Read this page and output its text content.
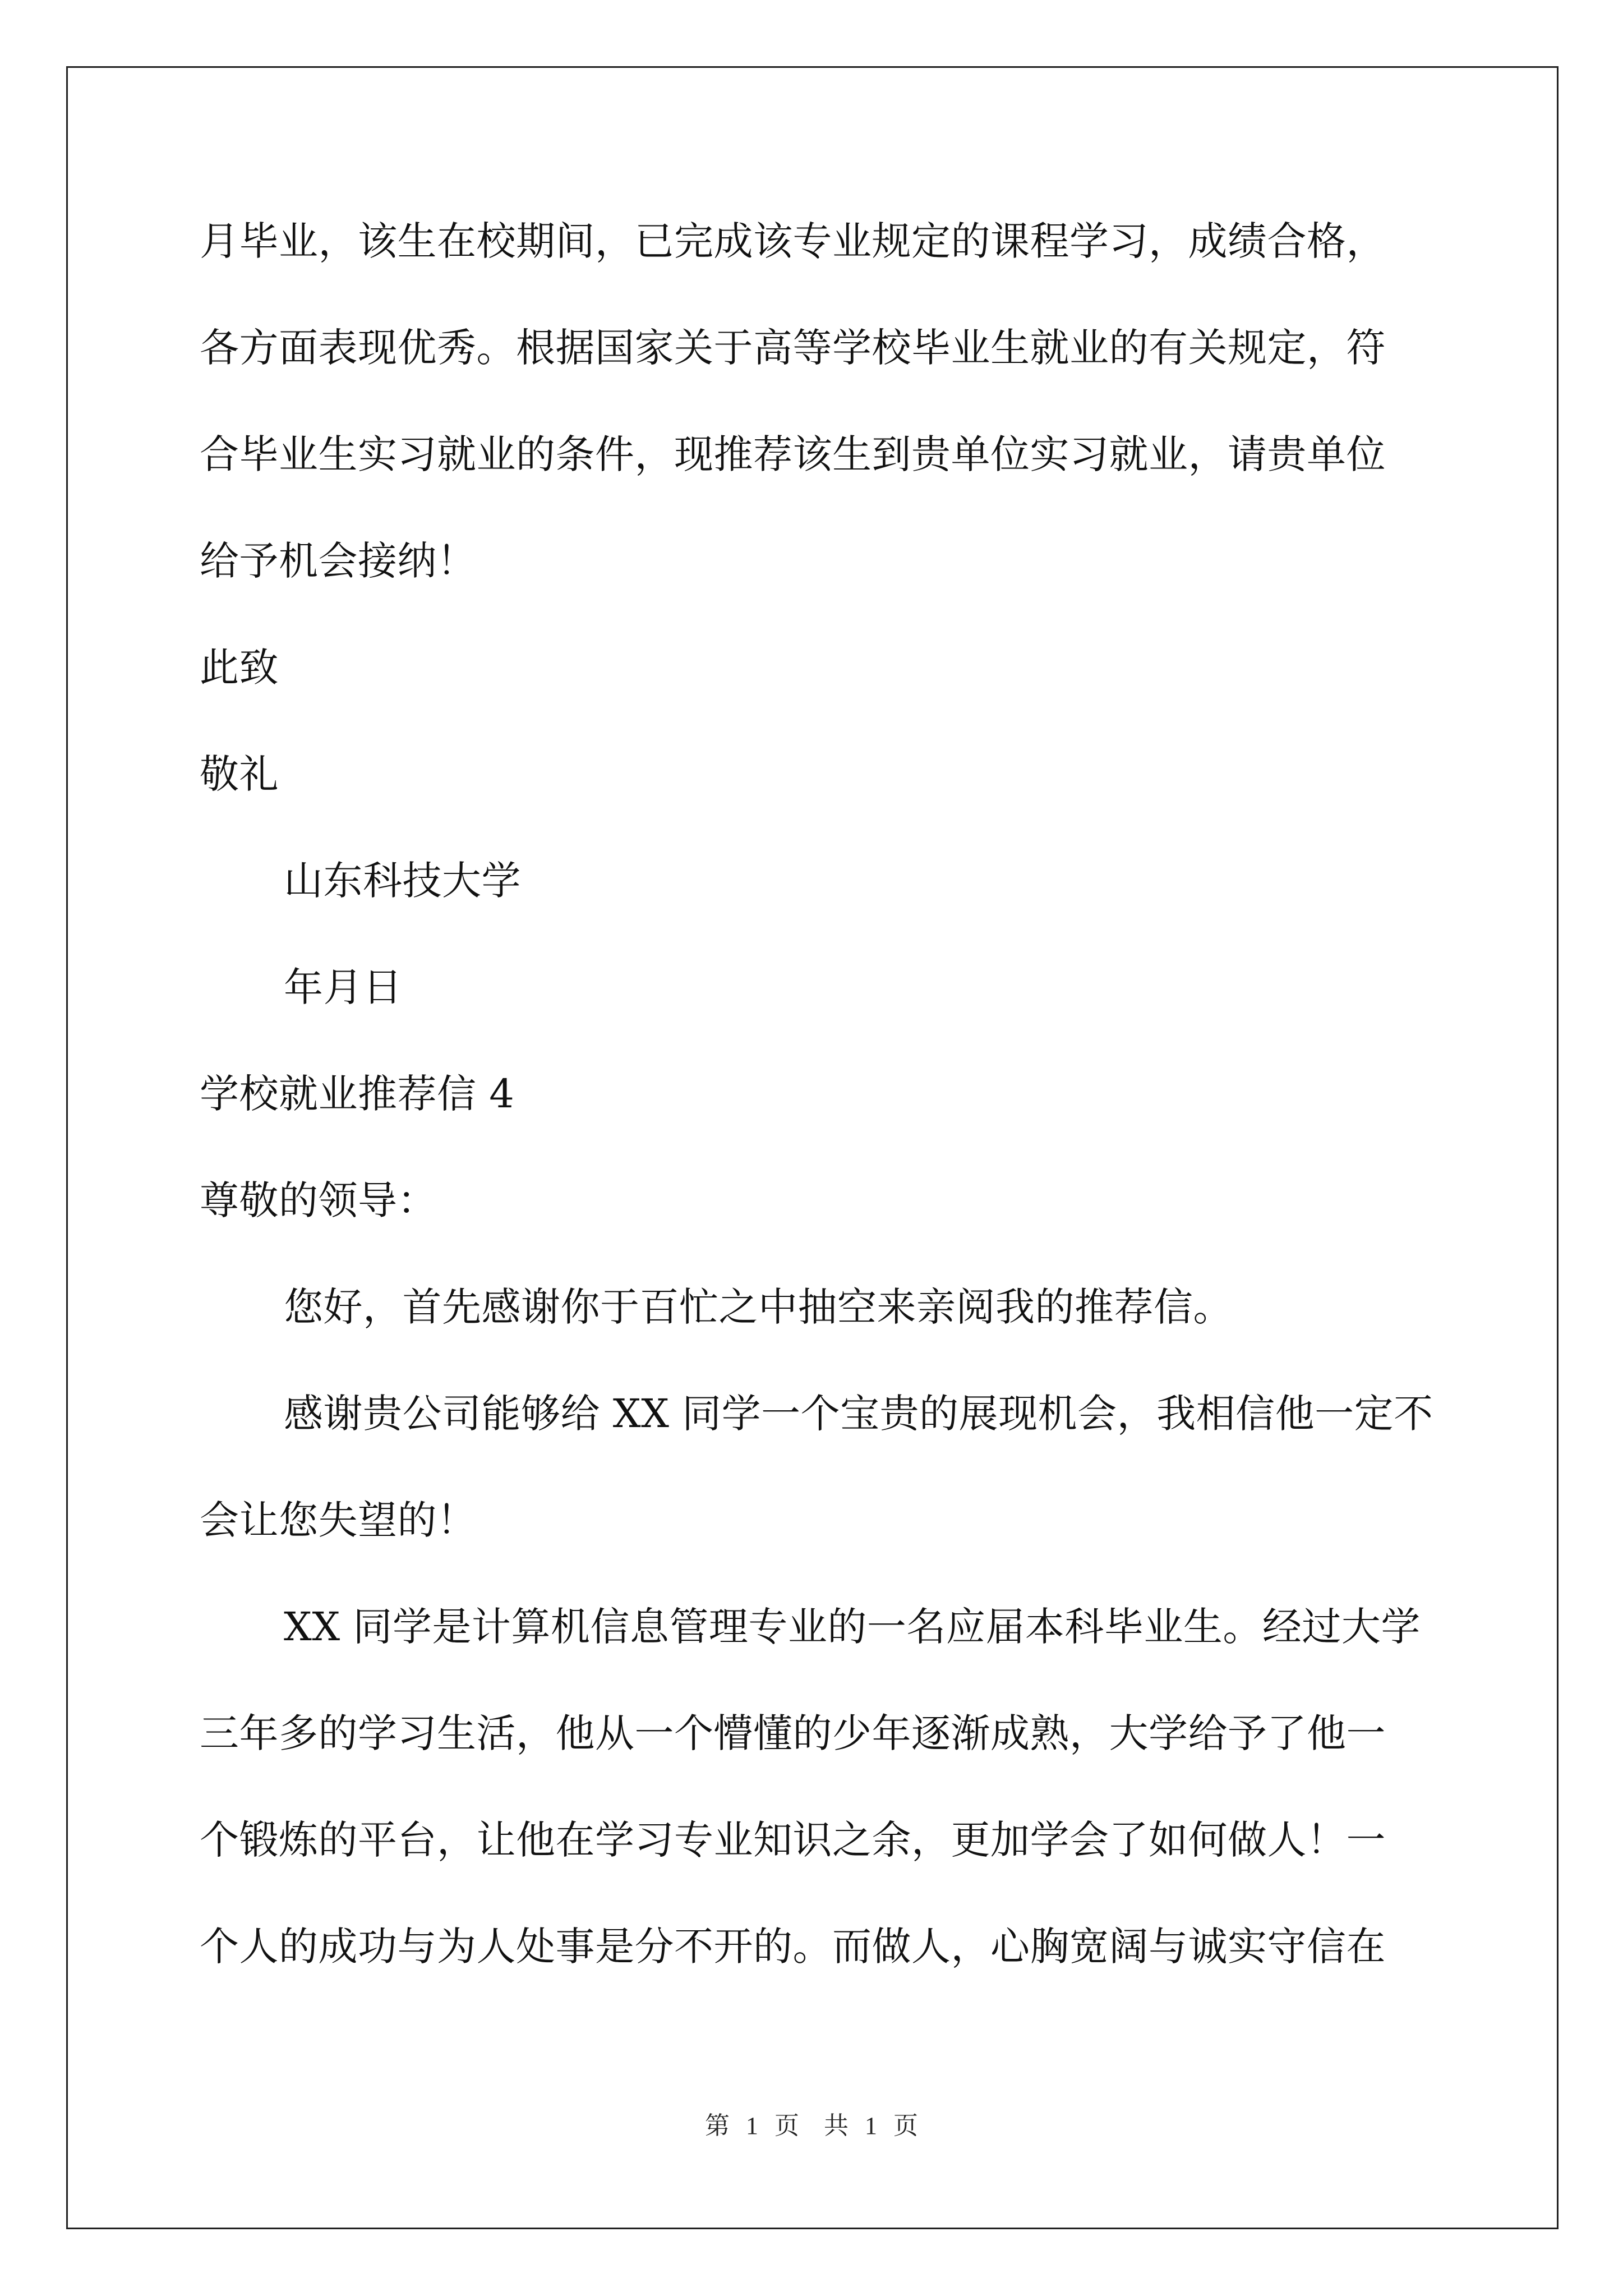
月毕业，该生在校期间，已完成该专业规定的课程学习，成绩合格，
各方面表现优秀。根据国家关于高等学校毕业生就业的有关规定，符
合毕业生实习就业的条件，现推荐该生到贵单位实习就业，请贵单位
给予机会接纳！
此致
敬礼
山东科技大学
年月日
学校就业推荐信 4
尊敬的领导：
您好，首先感谢你于百忙之中抽空来亲阅我的推荐信。
感谢贵公司能够给 XX 同学一个宝贵的展现机会，我相信他一定不
会让您失望的！
XX 同学是计算机信息管理专业的一名应届本科毕业生。经过大学
三年多的学习生活，他从一个懵懂的少年逐渐成熟，大学给予了他一
个锻炼的平台，让他在学习专业知识之余，更加学会了如何做人！一
个人的成功与为人处事是分不开的。而做人，心胸宽阔与诚实守信在
第 1 页　共 1 页
